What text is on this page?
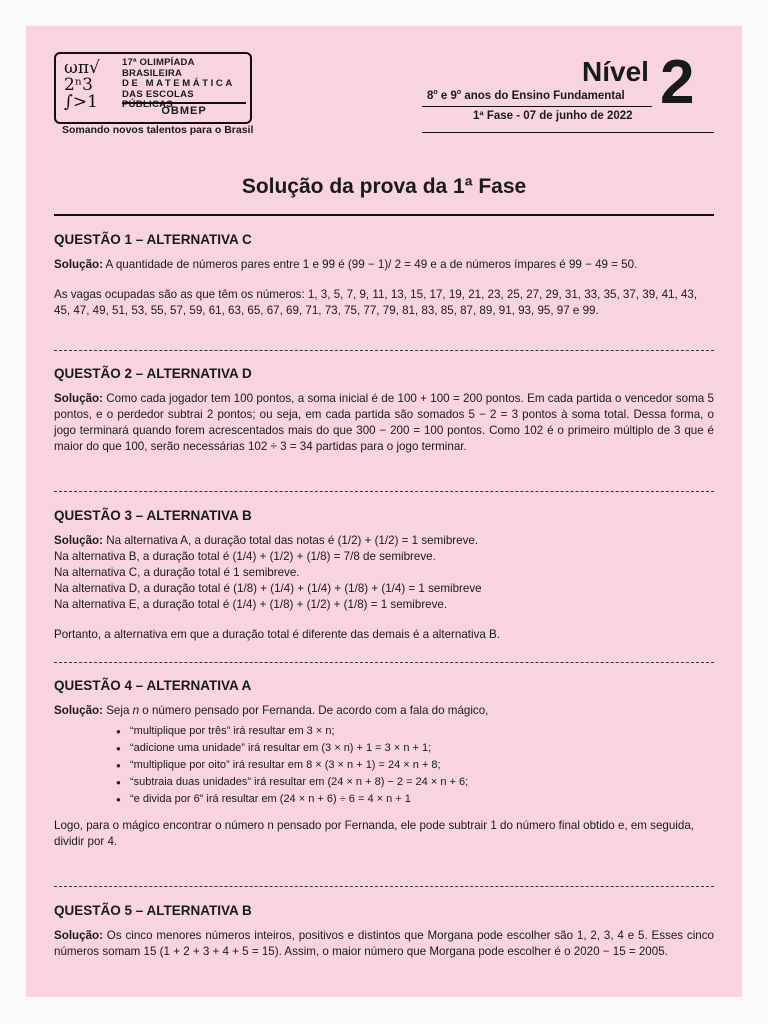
ωπ√ 2ⁿ3 ∫>1
17ª OLIMPÍADA BRASILEIRA
DE MATEMÁTICA
DAS ESCOLAS PÚBLICAS
OBMEP
Somando novos talentos para o Brasil
Nível 2
8$^o$ e 9$^o$ anos do Ensino Fundamental
1ª Fase - 07 de junho de 2022
Solução da prova da 1ª Fase
QUESTÃO 1 – ALTERNATIVA C

Solução: A quantidade de números pares entre 1 e 99 é (99 − 1)/ 2 = 49 e a de números ímpares é 99 − 49 = 50.

As vagas ocupadas são as que têm os números: 1, 3, 5, 7, 9, 11, 13, 15, 17, 19, 21, 23, 25, 27, 29, 31, 33, 35, 37, 39, 41, 43, 45, 47, 49, 51, 53, 55, 57, 59, 61, 63, 65, 67, 69, 71, 73, 75, 77, 79, 81, 83, 85, 87, 89, 91, 93, 95, 97 e 99.

QUESTÃO 2 – ALTERNATIVA D

Solução: Como cada jogador tem 100 pontos, a soma inicial é de 100 + 100 = 200 pontos. Em cada partida o vencedor soma 5 pontos, e o perdedor subtrai 2 pontos; ou seja, em cada partida são somados 5 − 2 = 3 pontos à soma total. Dessa forma, o jogo terminará quando forem acrescentados mais do que 300 − 200 = 100 pontos. Como 102 é o primeiro múltiplo de 3 que é maior do que 100, serão necessárias 102 ÷ 3 = 34 partidas para o jogo terminar.

QUESTÃO 3 – ALTERNATIVA B

Solução: Na alternativa A, a duração total das notas é (1/2) + (1/2) = 1 semibreve.
Na alternativa B, a duração total é (1/4) + (1/2) + (1/8) = 7/8 de semibreve.
Na alternativa C, a duração total é 1 semibreve.
Na alternativa D, a duração total é (1/8) + (1/4) + (1/4) + (1/8) + (1/4) = 1 semibreve
Na alternativa E, a duração total é (1/4) + (1/8) + (1/2) + (1/8) = 1 semibreve.

Portanto, a alternativa em que a duração total é diferente das demais é a alternativa B.

QUESTÃO 4 – ALTERNATIVA A

Solução: Seja n o número pensado por Fernanda. De acordo com a fala do mágico,

● “multiplique por três” irá resultar em 3 × n;
● “adicione uma unidade” irá resultar em (3 × n) + 1 = 3 × n + 1;
● “multiplique por oito” irá resultar em 8 × (3 × n + 1) = 24 × n + 8;
● “subtraia duas unidades” irá resultar em (24 × n + 8) − 2 = 24 × n + 6;
● “e divida por 6” irá resultar em (24 × n + 6) ÷ 6 = 4 × n + 1

Logo, para o mágico encontrar o número n pensado por Fernanda, ele pode subtrair 1 do número final obtido e, em seguida, dividir por 4.

QUESTÃO 5 – ALTERNATIVA B

Solução: Os cinco menores números inteiros, positivos e distintos que Morgana pode escolher são 1, 2, 3, 4 e 5. Esses cinco números somam 15 (1 + 2 + 3 + 4 + 5 = 15). Assim, o maior número que Morgana pode escolher é o 2020 − 15 = 2005.
